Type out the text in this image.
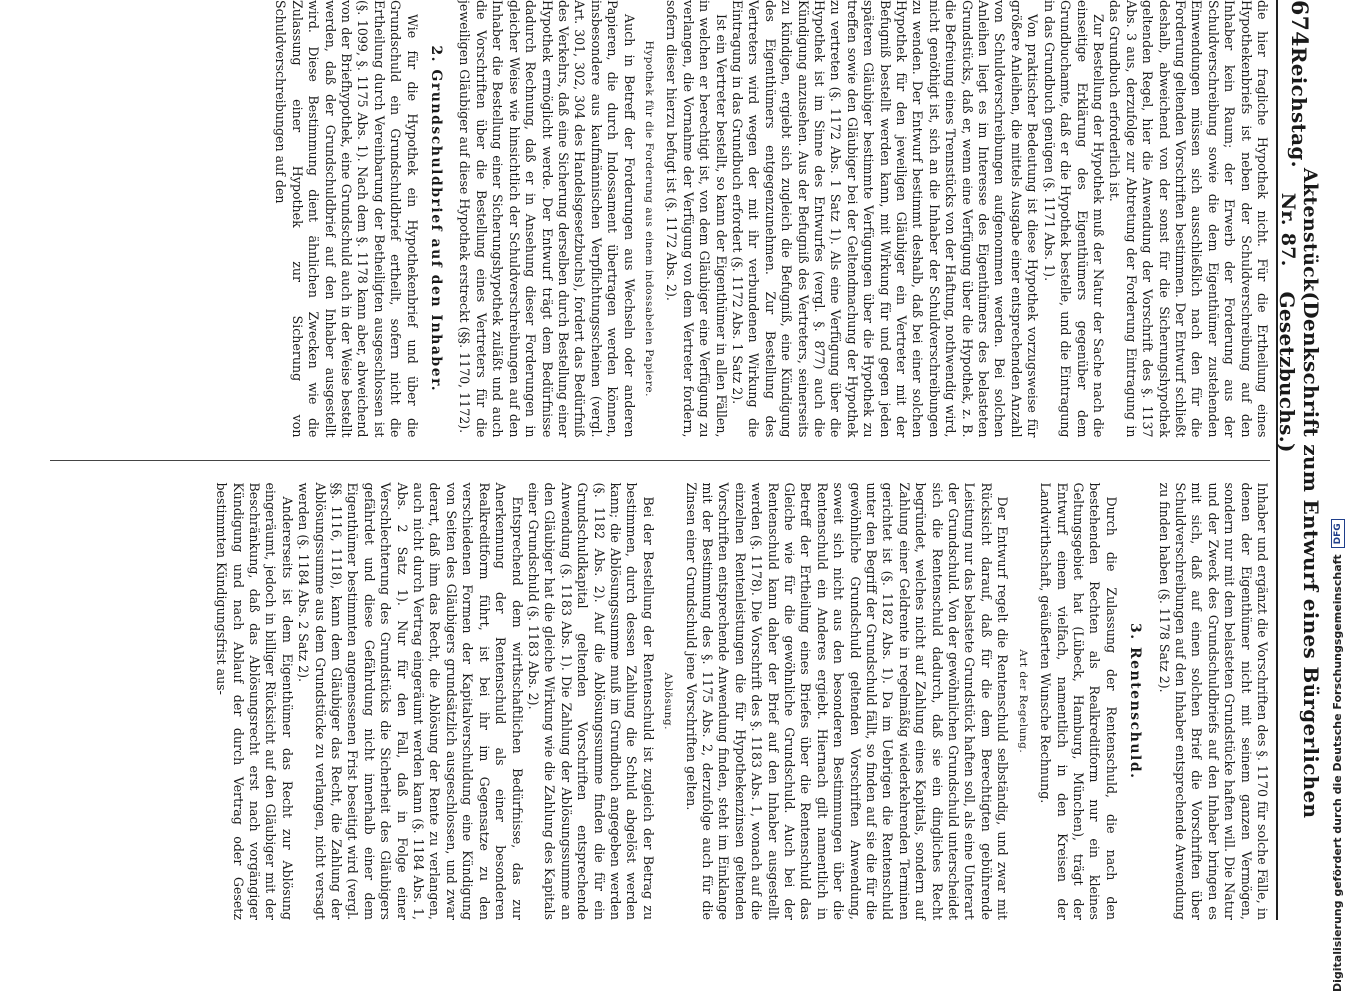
674
Reichstag.
Aktenstück Nr. 87.
(Denkschrift zum Entwurf eines Bürgerlichen Gesetzbuchs.)

die hier fragliche Hypothek nicht. Für die Ertheilung eines Hypothekenbriefs ist neben der Schuldverschreibung auf den Inhaber kein Raum; der Erwerb der Forderung aus der Schuldverschreibung sowie die dem Eigenthümer zustehenden Einwendungen müssen sich ausschließlich nach den für die Forderung geltenden Vorschriften bestimmen. Der Entwurf schließt deshalb, abweichend von der sonst für die Sicherungshypothek geltenden Regel, hier die Anwendung der Vorschrift des §. 1137 Abs. 3 aus, derzufolge zur Abtretung der Forderung Eintragung in das Grundbuch erforderlich ist.

Zur Bestellung der Hypothek muß der Natur der Sache nach die einseitige Erklärung des Eigenthümers gegenüber dem Grundbuchamte, daß er die Hypothek bestelle, und die Eintragung in das Grundbuch genügen (§. 1171 Abs. 1).

Von praktischer Bedeutung ist diese Hypothek vorzugsweise für größere Anleihen, die mittels Ausgabe einer entsprechenden Anzahl von Schuldverschreibungen aufgenommen werden. Bei solchen Anleihen liegt es im Interesse des Eigenthümers des belasteten Grundstücks, daß er, wenn eine Verfügung über die Hypothek, z. B. die Befreiung eines Trennstücks von der Haftung, nothwendig wird, nicht genöthigt ist, sich an die Inhaber der Schuldverschreibungen zu wenden. Der Entwurf bestimmt deshalb, daß bei einer solchen Hypothek für den jeweiligen Gläubiger ein Vertreter mit der Befugniß bestellt werden kann, mit Wirkung für und gegen jeden späteren Gläubiger bestimmte Verfügungen über die Hypothek zu treffen sowie den Gläubiger bei der Geltendmachung der Hypothek zu vertreten (§. 1172 Abs. 1 Satz 1). Als eine Verfügung über die Hypothek ist im Sinne des Entwurfes (vergl. §. 877) auch die Kündigung anzusehen. Aus der Befugniß des Vertreters, seinerseits zu kündigen, ergiebt sich zugleich die Befugniß, eine Kündigung des Eigenthümers entgegenzunehmen. Zur Bestellung des Vertreters wird wegen der mit ihr verbundenen Wirkung die Eintragung in das Grundbuch erfordert (§. 1172 Abs. 1 Satz 2).

Ist ein Vertreter bestellt, so kann der Eigenthümer in allen Fällen, in welchen er berechtigt ist, von dem Gläubiger eine Verfügung zu verlangen, die Vornahme der Verfügung von dem Vertreter fordern, sofern dieser hierzu befugt ist (§. 1172 Abs. 2).

Hypothek für die Forderung aus einem indossabelen Papiere.

Auch in Betreff der Forderungen aus Wechseln oder anderen Papieren, die durch Indossament übertragen werden können, insbesondere aus kaufmännischen Verpflichtungsscheinen (vergl. Art. 301, 302, 304 des Handelsgesetzbuchs), fordert das Bedürfniß des Verkehrs, daß eine Sicherung derselben durch Bestellung einer Hypothek ermöglicht werde. Der Entwurf trägt dem Bedürfnisse dadurch Rechnung, daß er in Ansehung dieser Forderungen in gleicher Weise wie hinsichtlich der Schuldverschreibungen auf den Inhaber die Bestellung einer Sicherungshypothek zuläßt und auch die Vorschriften über die Bestellung eines Vertreters für die jeweiligen Gläubiger auf diese Hypothek erstreckt (§§. 1170, 1172).

2. Grundschuldbrief auf den Inhaber.

Wie für die Hypothek ein Hypothekenbrief und über die Grundschuld ein Grundschuldbrief ertheilt, sofern nicht die Ertheilung durch Vereinbarung der Betheiligten ausgeschlossen ist (§. 1099, §. 1175 Abs. 1). Nach dem §. 1178 kann aber, abweichend von der Briefhypothek, eine Grundschuld auch in der Weise bestellt werden, daß der Grundschuldbrief auf den Inhaber ausgestellt wird. Diese Bestimmung dient ähnlichen Zwecken wie die Zulassung einer Hypothek zur Sicherung von Schuldverschreibungen auf den

Inhaber und ergänzt die Vorschriften des §. 1170 für solche Fälle, in denen der Eigenthümer nicht mit seinem ganzen Vermögen, sondern nur mit dem belasteten Grundstücke haften will. Die Natur und der Zweck des Grundschuldbriefs auf den Inhaber bringen es mit sich, daß auf einen solchen Brief die Vorschriften über Schuldverschreibungen auf den Inhaber entsprechende Anwendung zu finden haben (§. 1178 Satz 2).

3. Rentenschuld.

Durch die Zulassung der Rentenschuld, die nach den bestehenden Rechten als Realkreditform nur ein kleines Geltungsgebiet hat (Lübeck, Hamburg, München), trägt der Entwurf einem vielfach, namentlich in den Kreisen der Landwirthschaft, geäußerten Wunsche Rechnung.

Art der Regelung.

Der Entwurf regelt die Rentenschuld selbständig, und zwar mit Rücksicht darauf, daß für die dem Berechtigten gebührende Leistung nur das belastete Grundstück haften soll, als eine Unterart der Grundschuld. Von der gewöhnlichen Grundschuld unterscheidet sich die Rentenschuld dadurch, daß sie ein dingliches Recht begründet, welches nicht auf Zahlung eines Kapitals, sondern auf Zahlung einer Geldrente in regelmäßig wiederkehrenden Terminen gerichtet ist (§. 1182 Abs. 1). Da im Uebrigen die Rentenschuld unter den Begriff der Grundschuld fällt, so finden auf sie die für die gewöhnliche Grundschuld geltenden Vorschriften Anwendung, soweit sich nicht aus den besonderen Bestimmungen über die Rentenschuld ein Anderes ergiebt. Hiernach gilt namentlich in Betreff der Ertheilung eines Briefes über die Rentenschuld das Gleiche wie für die gewöhnliche Grundschuld. Auch bei der Rentenschuld kann daher der Brief auf den Inhaber ausgestellt werden (§. 1178). Die Vorschrift des §. 1183 Abs. 1, wonach auf die einzelnen Rentenleistungen die für Hypothekenzinsen geltenden Vorschriften entsprechende Anwendung finden, steht im Einklange mit der Bestimmung des §. 1175 Abs. 2, derzufolge auch für die Zinsen einer Grundschuld jene Vorschriften gelten.

Ablösung.

Bei der Bestellung der Rentenschuld ist zugleich der Betrag zu bestimmen, durch dessen Zahlung die Schuld abgelöst werden kann; die Ablösungssumme muß im Grundbuch angegeben werden (§. 1182 Abs. 2). Auf die Ablösungssumme finden die für ein Grundschuldkapital geltenden Vorschriften entsprechende Anwendung (§. 1183 Abs. 1). Die Zahlung der Ablösungssumme an den Gläubiger hat die gleiche Wirkung wie die Zahlung des Kapitals einer Grundschuld (§. 1183 Abs. 2).

Entsprechend dem wirthschaftlichen Bedürfnisse, das zur Anerkennung der Rentenschuld als einer besonderen Realkreditform führt, ist bei ihr im Gegensatze zu den verschiedenen Formen der Kapitalverschuldung eine Kündigung von Seiten des Gläubigers grundsätzlich ausgeschlossen, und zwar derart, daß ihm das Recht, die Ablösung der Rente zu verlangen, auch nicht durch Vertrag eingeräumt werden kann (§. 1184 Abs. 1, Abs. 2 Satz 1). Nur für den Fall, daß in Folge einer Verschlechterung des Grundstücks die Sicherheit des Gläubigers gefährdet und diese Gefährdung nicht innerhalb einer dem Eigenthümer bestimmten angemessenen Frist beseitigt wird (vergl. §§. 1116, 1118), kann dem Gläubiger das Recht, die Zahlung der Ablösungssumme aus dem Grundstücke zu verlangen, nicht versagt werden (§. 1184 Abs. 2 Satz 2).

Andererseits ist dem Eigenthümer das Recht zur Ablösung eingeräumt, jedoch in billiger Rücksicht auf den Gläubiger mit der Beschränkung, daß das Ablösungsrecht erst nach vorgängiger Kündigung und nach Ablauf der durch Vertrag oder Gesetz bestimmten Kündigungsfrist aus-	Digitalisierung gefördert durch die Deutsche Forschungsgemeinschaft
DFG
